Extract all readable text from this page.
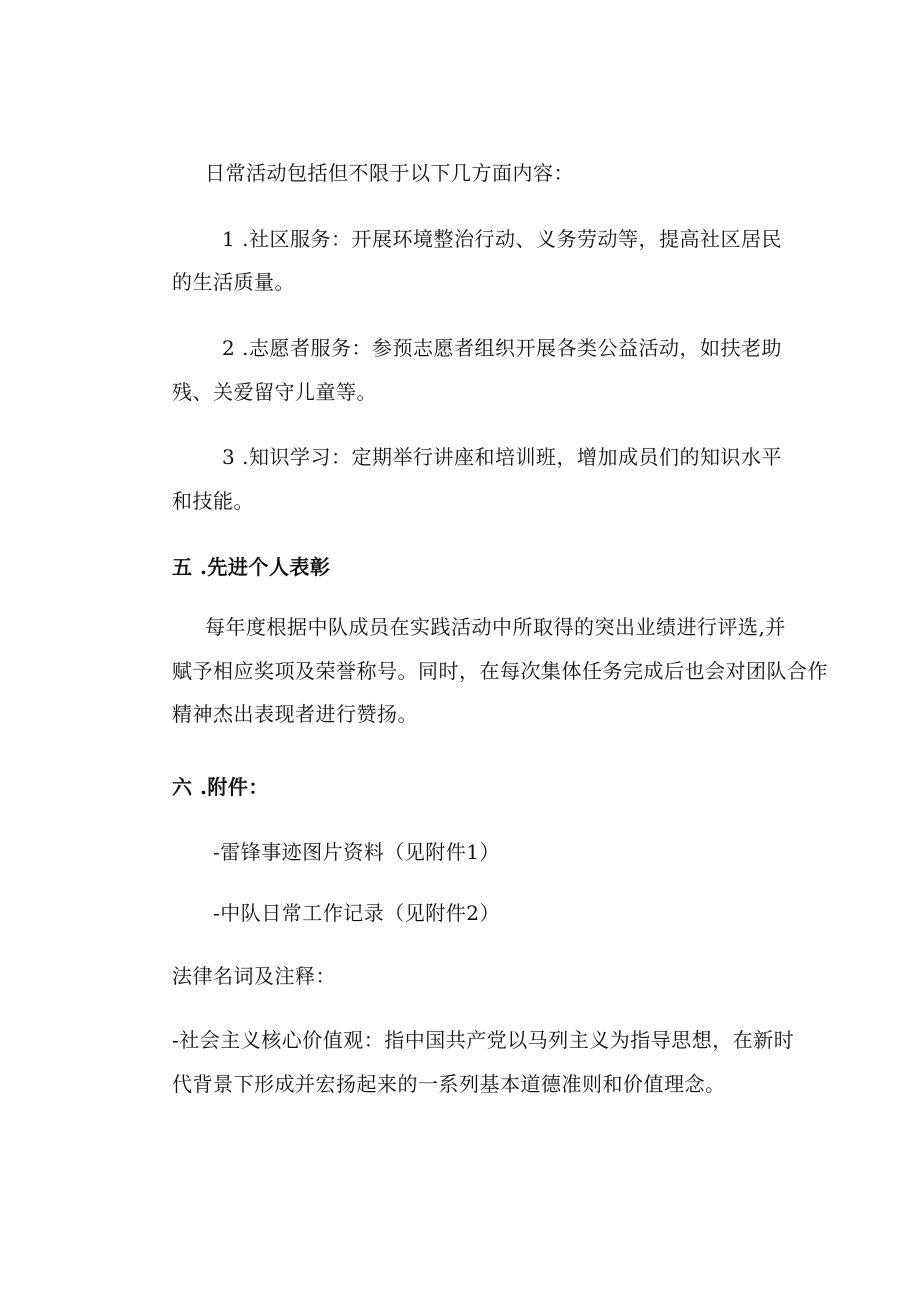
日常活动包括但不限于以下几方面内容：
1 .社区服务：开展环境整治行动、义务劳动等，提高社区居民
的生活质量。
2 .志愿者服务：参预志愿者组织开展各类公益活动，如扶老助
残、关爱留守儿童等。
3 .知识学习：定期举行讲座和培训班，增加成员们的知识水平
和技能。
五 .先进个人表彰
每年度根据中队成员在实践活动中所取得的突出业绩进行评选,并
赋予相应奖项及荣誉称号。同时，在每次集体任务完成后也会对团队合作
精神杰出表现者进行赞扬。
六 .附件：
-雷锋事迹图片资料（见附件1）
-中队日常工作记录（见附件2）
法律名词及注释：
-社会主义核心价值观：指中国共产党以马列主义为指导思想，在新时
代背景下形成并宏扬起来的一系列基本道德准则和价值理念。
